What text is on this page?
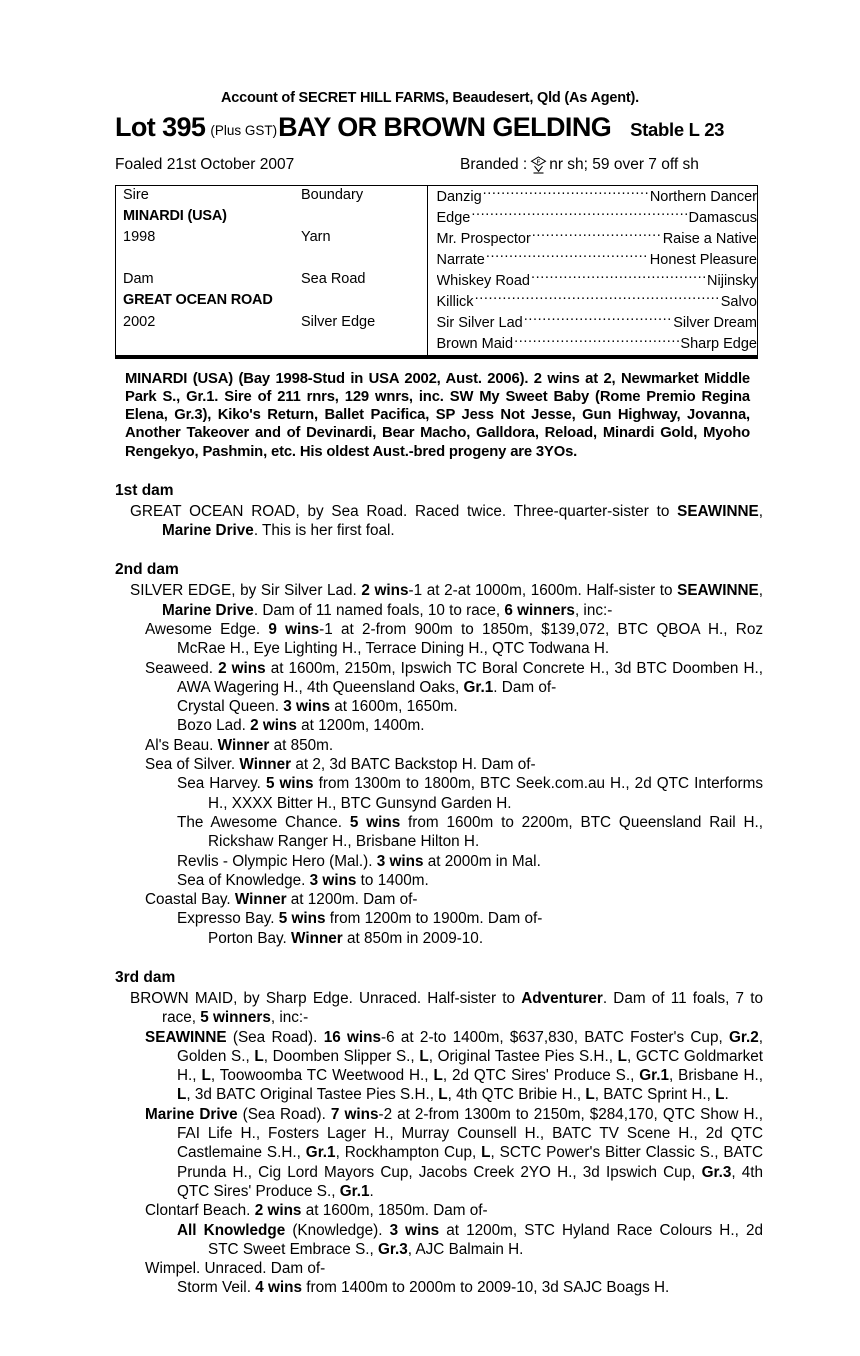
Account of SECRET HILL FARMS, Beaudesert, Qld (As Agent).
Lot 395 (Plus GST) BAY OR BROWN GELDING	Stable L 23
Foaled 21st October 2007	Branded : F nr sh; 59 over 7 off sh
Sire	Boundary	Danzig ..... Northern Dancer

MINARDI (USA)		Edge ..... Damascus

1998	Yarn	Mr. Prospector ..... Raise a Native

		Narrate ..... Honest Pleasure

Dam	Sea Road	Whiskey Road ..... Nijinsky

GREAT OCEAN ROAD		Killick ..... Salvo

2002	Silver Edge	Sir Silver Lad ..... Silver Dream

		Brown Maid ..... Sharp Edge
MINARDI (USA) (Bay 1998-Stud in USA 2002, Aust. 2006). 2 wins at 2, Newmarket Middle Park S., Gr.1. Sire of 211 rnrs, 129 wnrs, inc. SW My Sweet Baby (Rome Premio Regina Elena, Gr.3), Kiko's Return, Ballet Pacifica, SP Jess Not Jesse, Gun Highway, Jovanna, Another Takeover and of Devinardi, Bear Macho, Galldora, Reload, Minardi Gold, Myoho Rengekyo, Pashmin, etc. His oldest Aust.-bred progeny are 3YOs.
1st dam
GREAT OCEAN ROAD, by Sea Road. Raced twice. Three-quarter-sister to SEAWINNE, Marine Drive. This is her first foal.
2nd dam
SILVER EDGE, by Sir Silver Lad. 2 wins-1 at 2-at 1000m, 1600m. Half-sister to SEAWINNE, Marine Drive. Dam of 11 named foals, 10 to race, 6 winners, inc:-
Awesome Edge. 9 wins-1 at 2-from 900m to 1850m, $139,072, BTC QBOA H., Roz McRae H., Eye Lighting H., Terrace Dining H., QTC Todwana H.
Seaweed. 2 wins at 1600m, 2150m, Ipswich TC Boral Concrete H., 3d BTC Doomben H., AWA Wagering H., 4th Queensland Oaks, Gr.1. Dam of-
Crystal Queen. 3 wins at 1600m, 1650m.
Bozo Lad. 2 wins at 1200m, 1400m.
Al's Beau. Winner at 850m.
Sea of Silver. Winner at 2, 3d BATC Backstop H. Dam of-
Sea Harvey. 5 wins from 1300m to 1800m, BTC Seek.com.au H., 2d QTC Interforms H., XXXX Bitter H., BTC Gunsynd Garden H.
The Awesome Chance. 5 wins from 1600m to 2200m, BTC Queensland Rail H., Rickshaw Ranger H., Brisbane Hilton H.
Revlis - Olympic Hero (Mal.). 3 wins at 2000m in Mal.
Sea of Knowledge. 3 wins to 1400m.
Coastal Bay. Winner at 1200m. Dam of-
Expresso Bay. 5 wins from 1200m to 1900m. Dam of-
Porton Bay. Winner at 850m in 2009-10.
3rd dam
BROWN MAID, by Sharp Edge. Unraced. Half-sister to Adventurer. Dam of 11 foals, 7 to race, 5 winners, inc:-
SEAWINNE (Sea Road). 16 wins-6 at 2-to 1400m, $637,830, BATC Foster's Cup, Gr.2, Golden S., L, Doomben Slipper S., L, Original Tastee Pies S.H., L, GCTC Goldmarket H., L, Toowoomba TC Weetwood H., L, 2d QTC Sires' Produce S., Gr.1, Brisbane H., L, 3d BATC Original Tastee Pies S.H., L, 4th QTC Bribie H., L, BATC Sprint H., L.
Marine Drive (Sea Road). 7 wins-2 at 2-from 1300m to 2150m, $284,170, QTC Show H., FAI Life H., Fosters Lager H., Murray Counsell H., BATC TV Scene H., 2d QTC Castlemaine S.H., Gr.1, Rockhampton Cup, L, SCTC Power's Bitter Classic S., BATC Prunda H., Cig Lord Mayors Cup, Jacobs Creek 2YO H., 3d Ipswich Cup, Gr.3, 4th QTC Sires' Produce S., Gr.1.
Clontarf Beach. 2 wins at 1600m, 1850m. Dam of-
All Knowledge (Knowledge). 3 wins at 1200m, STC Hyland Race Colours H., 2d STC Sweet Embrace S., Gr.3, AJC Balmain H.
Wimpel. Unraced. Dam of-
Storm Veil. 4 wins from 1400m to 2000m to 2009-10, 3d SAJC Boags H.
